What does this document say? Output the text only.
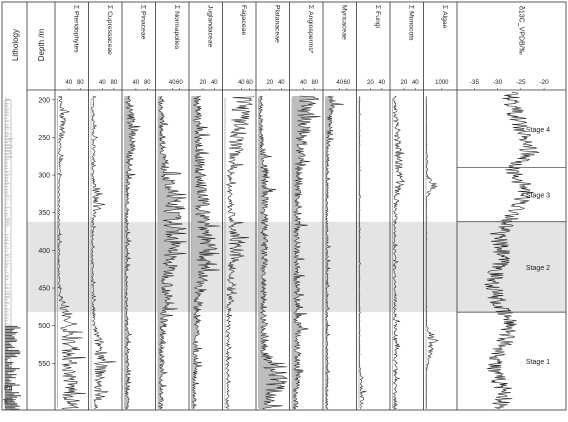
Lithology
Pg
K
Depth /m
200
250
300
350
400
450
500
550
Σ Pteridophytes
40 80
Σ Cupressaceae
40 80
Σ Pinaceae
40 80
Σ Normapolles
40 60
Juglandaceae
20 40
Fagaceae
40 60
Platanaceae
20 40
Σ Angiosperms*
40 80
Myricaceae
40 60
Σ Fungi
20 40
Σ Monocots
20 40
Σ Algae
1000
δ13C_VPDB/‰
-35 -30 -25 -20
Stage 4
Stage 3
Stage 2
Stage 1
